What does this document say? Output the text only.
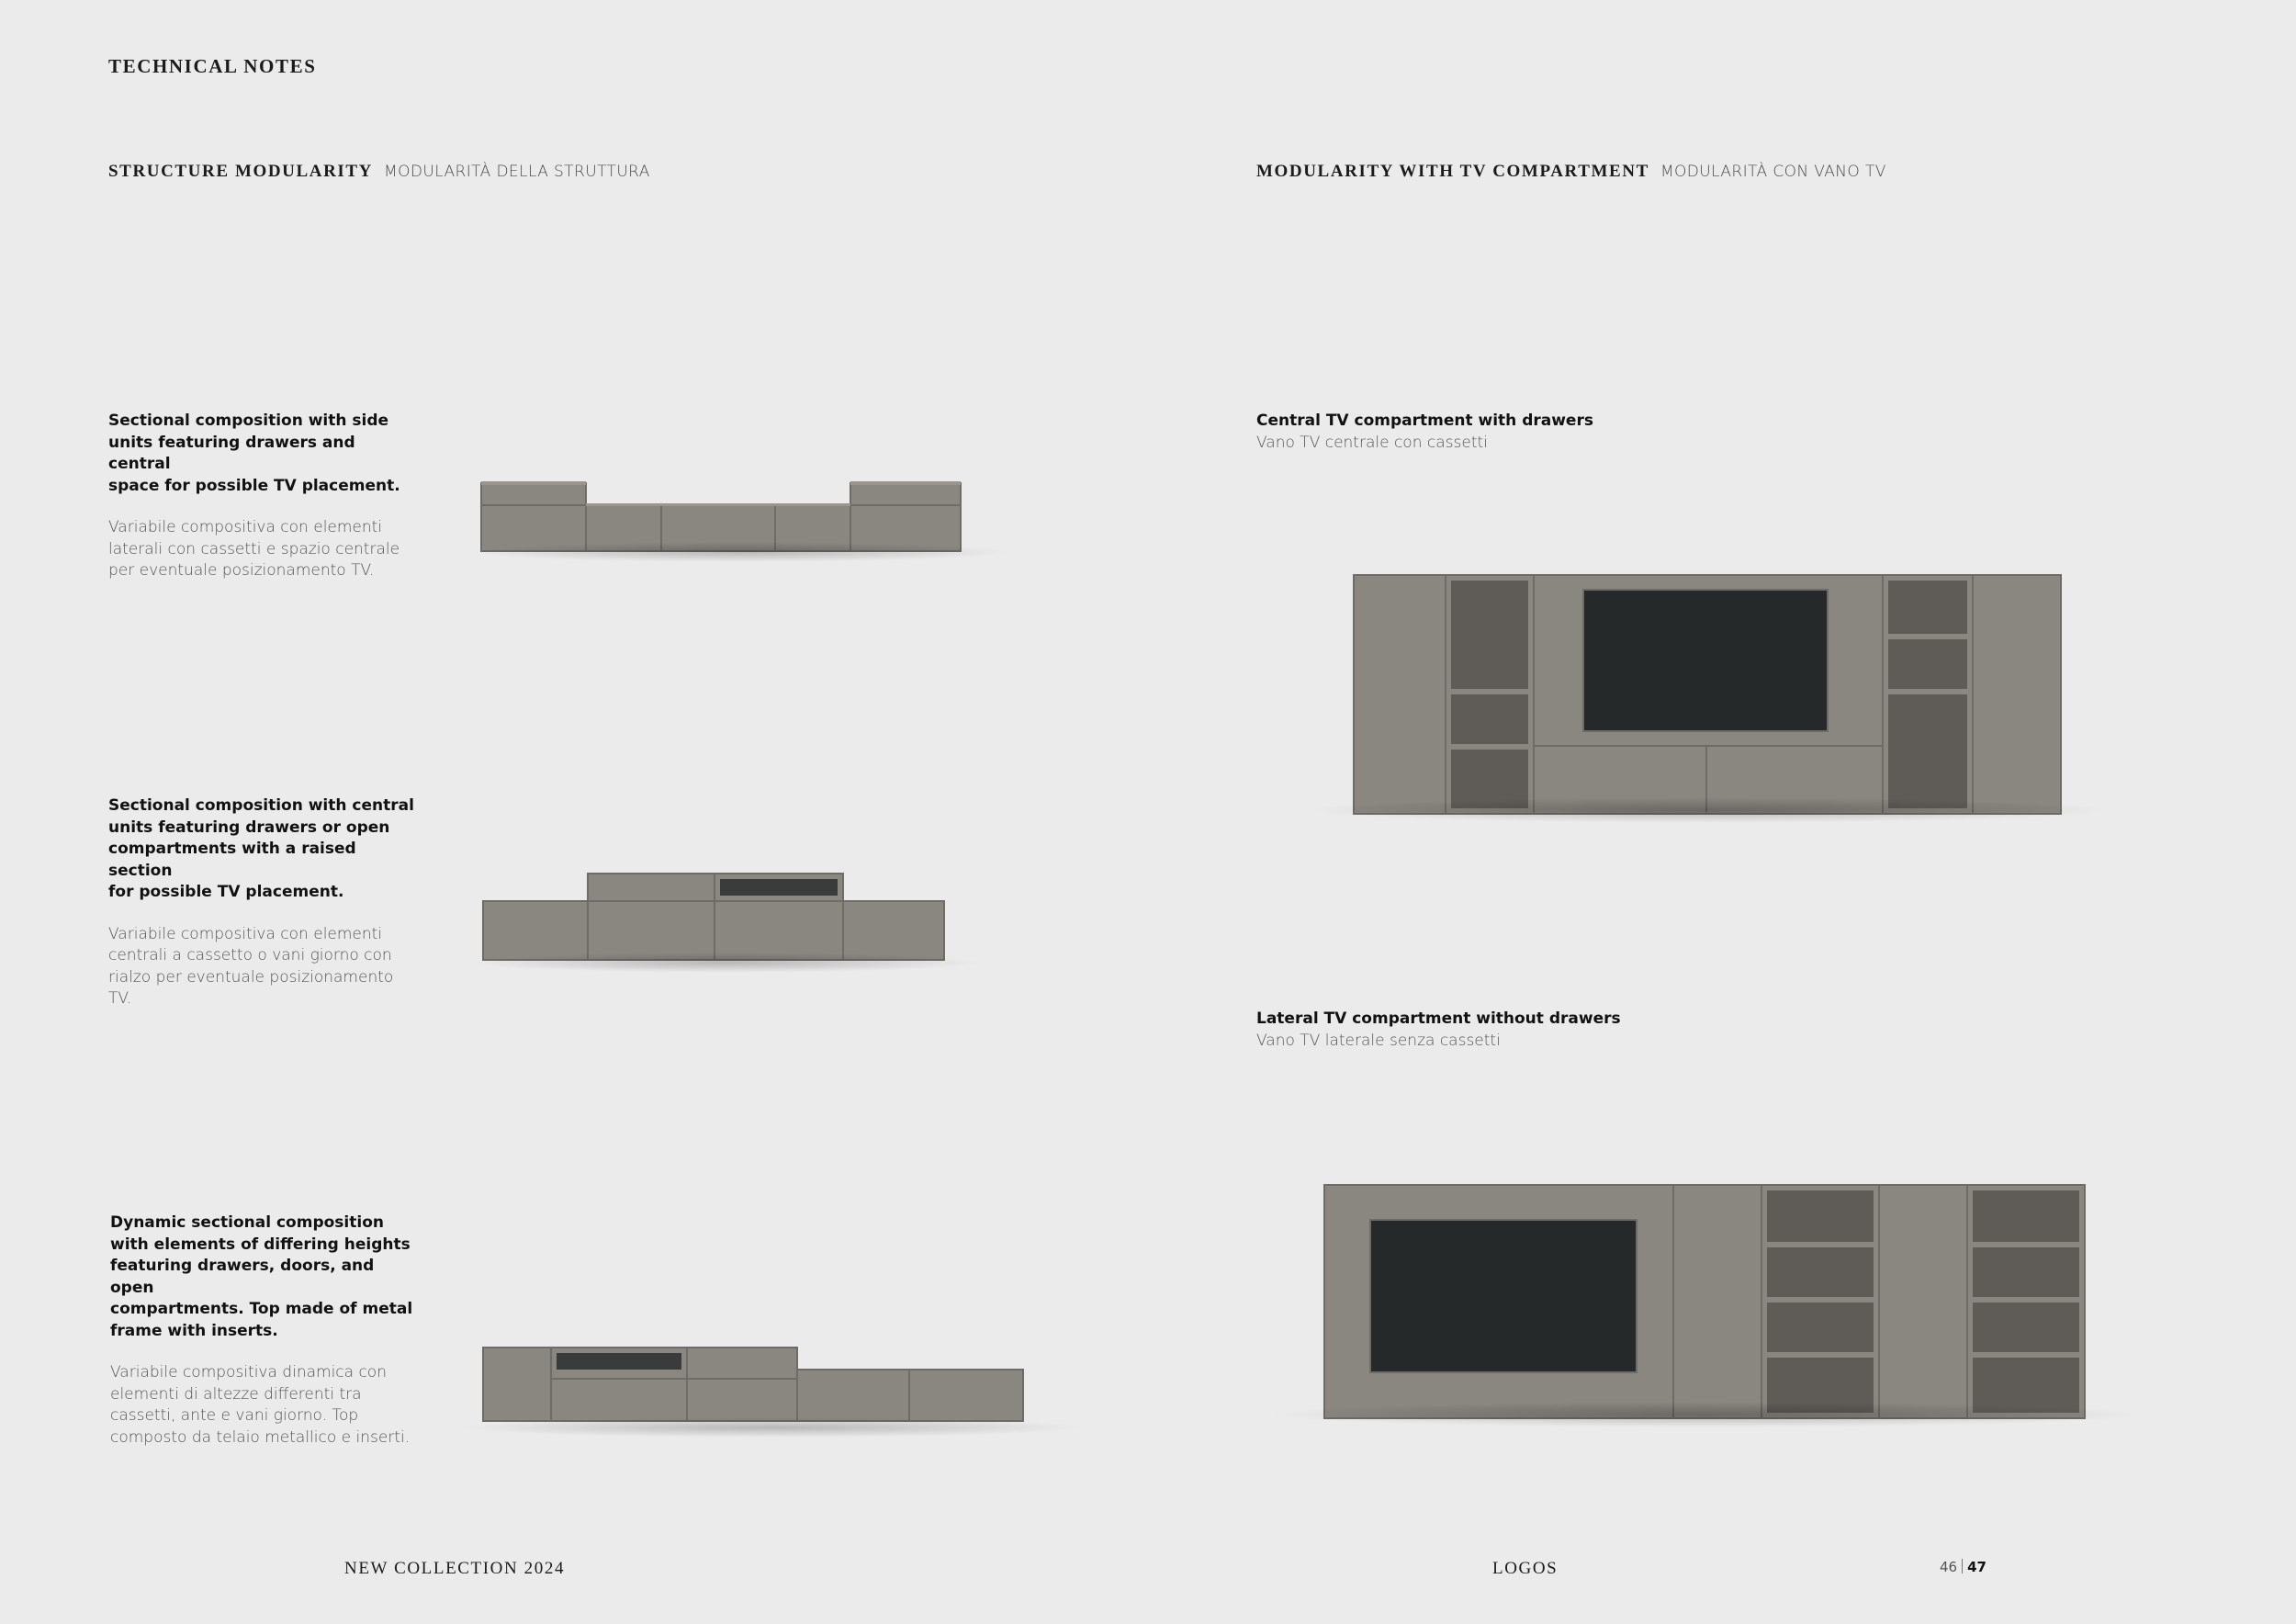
TECHNICAL NOTES
STRUCTURE MODULARITY MODULARITÀ DELLA STRUTTURA	MODULARITY WITH TV COMPARTMENT MODULARITÀ CON VANO TV
Sectional composition with side
units featuring drawers and central
space for possible TV placement.
Variabile compositiva con elementi
laterali con cassetti e spazio centrale
per eventuale posizionamento TV.
Sectional composition with central
units featuring drawers or open
compartments with a raised section
for possible TV placement.
Variabile compositiva con elementi
centrali a cassetto o vani giorno con
rialzo per eventuale posizionamento TV.
Dynamic sectional composition
with elements of differing heights
featuring drawers, doors, and open
compartments. Top made of metal
frame with inserts.
Variabile compositiva dinamica con
elementi di altezze differenti tra
cassetti, ante e vani giorno. Top
composto da telaio metallico e inserti.
Central TV compartment with drawers
Vano TV centrale con cassetti
Lateral TV compartment without drawers
Vano TV laterale senza cassetti
NEW COLLECTION 2024	LOGOS	46 47
